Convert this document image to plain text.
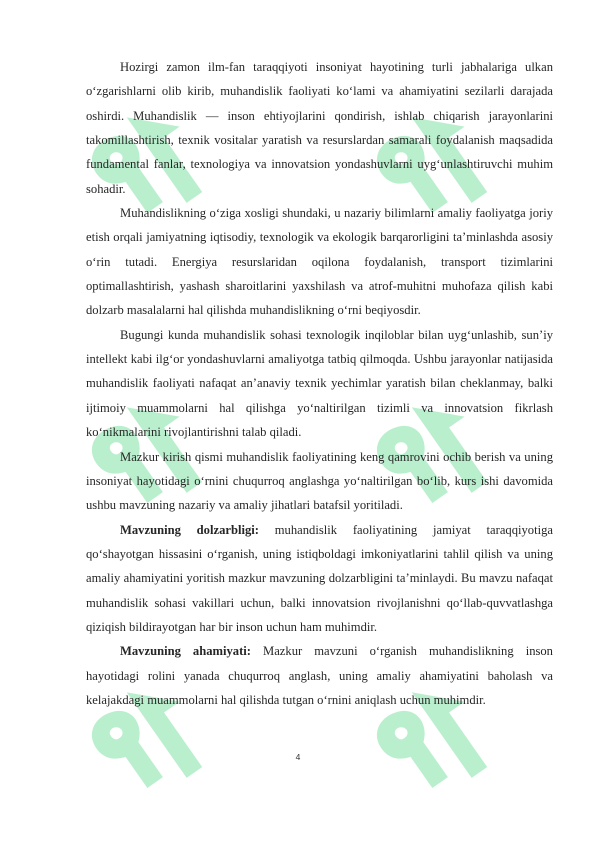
Hozirgi zamon ilm-fan taraqqiyoti insoniyat hayotining turli jabhalariga ulkan o‘zgarishlarni olib kirib, muhandislik faoliyati ko‘lami va ahamiyatini sezilarli darajada oshirdi. Muhandislik — inson ehtiyojlarini qondirish, ishlab chiqarish jarayonlarini takomillashtirish, texnik vositalar yaratish va resurslardan samarali foydalanish maqsadida fundamental fanlar, texnologiya va innovatsion yondashuvlarni uyg‘unlashtiruvchi muhim sohadir.

Muhandislikning o‘ziga xosligi shundaki, u nazariy bilimlarni amaliy faoliyatga joriy etish orqali jamiyatning iqtisodiy, texnologik va ekologik barqarorligini ta’minlashda asosiy o‘rin tutadi. Energiya resurslaridan oqilona foydalanish, transport tizimlarini optimallashtirish, yashash sharoitlarini yaxshilash va atrof-muhitni muhofaza qilish kabi dolzarb masalalarni hal qilishda muhandislikning o‘rni beqiyosdir.

Bugungi kunda muhandislik sohasi texnologik inqiloblar bilan uyg‘unlashib, sun’iy intellekt kabi ilg‘or yondashuvlarni amaliyotga tatbiq qilmoqda. Ushbu jarayonlar natijasida muhandislik faoliyati nafaqat an’anaviy texnik yechimlar yaratish bilan cheklanmay, balki ijtimoiy muammolarni hal qilishga yo‘naltirilgan tizimli va innovatsion fikrlash ko‘nikmalarini rivojlantirishni talab qiladi.

Mazkur kirish qismi muhandislik faoliyatining keng qamrovini ochib berish va uning insoniyat hayotidagi o‘rnini chuqurroq anglashga yo‘naltirilgan bo‘lib, kurs ishi davomida ushbu mavzuning nazariy va amaliy jihatlari batafsil yoritiladi.

Mavzuning dolzarbligi: muhandislik faoliyatining jamiyat taraqqiyotiga qo‘shayotgan hissasini o‘rganish, uning istiqboldagi imkoniyatlarini tahlil qilish va uning amaliy ahamiyatini yoritish mazkur mavzuning dolzarbligini ta’minlaydi. Bu mavzu nafaqat muhandislik sohasi vakillari uchun, balki innovatsion rivojlanishni qo‘llab-quvvatlashga qiziqish bildirayotgan har bir inson uchun ham muhimdir.

Mavzuning ahamiyati: Mazkur mavzuni o‘rganish muhandislikning inson hayotidagi rolini yanada chuqurroq anglash, uning amaliy ahamiyatini baholash va kelajakdagi muammolarni hal qilishda tutgan o‘rnini aniqlash uchun muhimdir.

4
